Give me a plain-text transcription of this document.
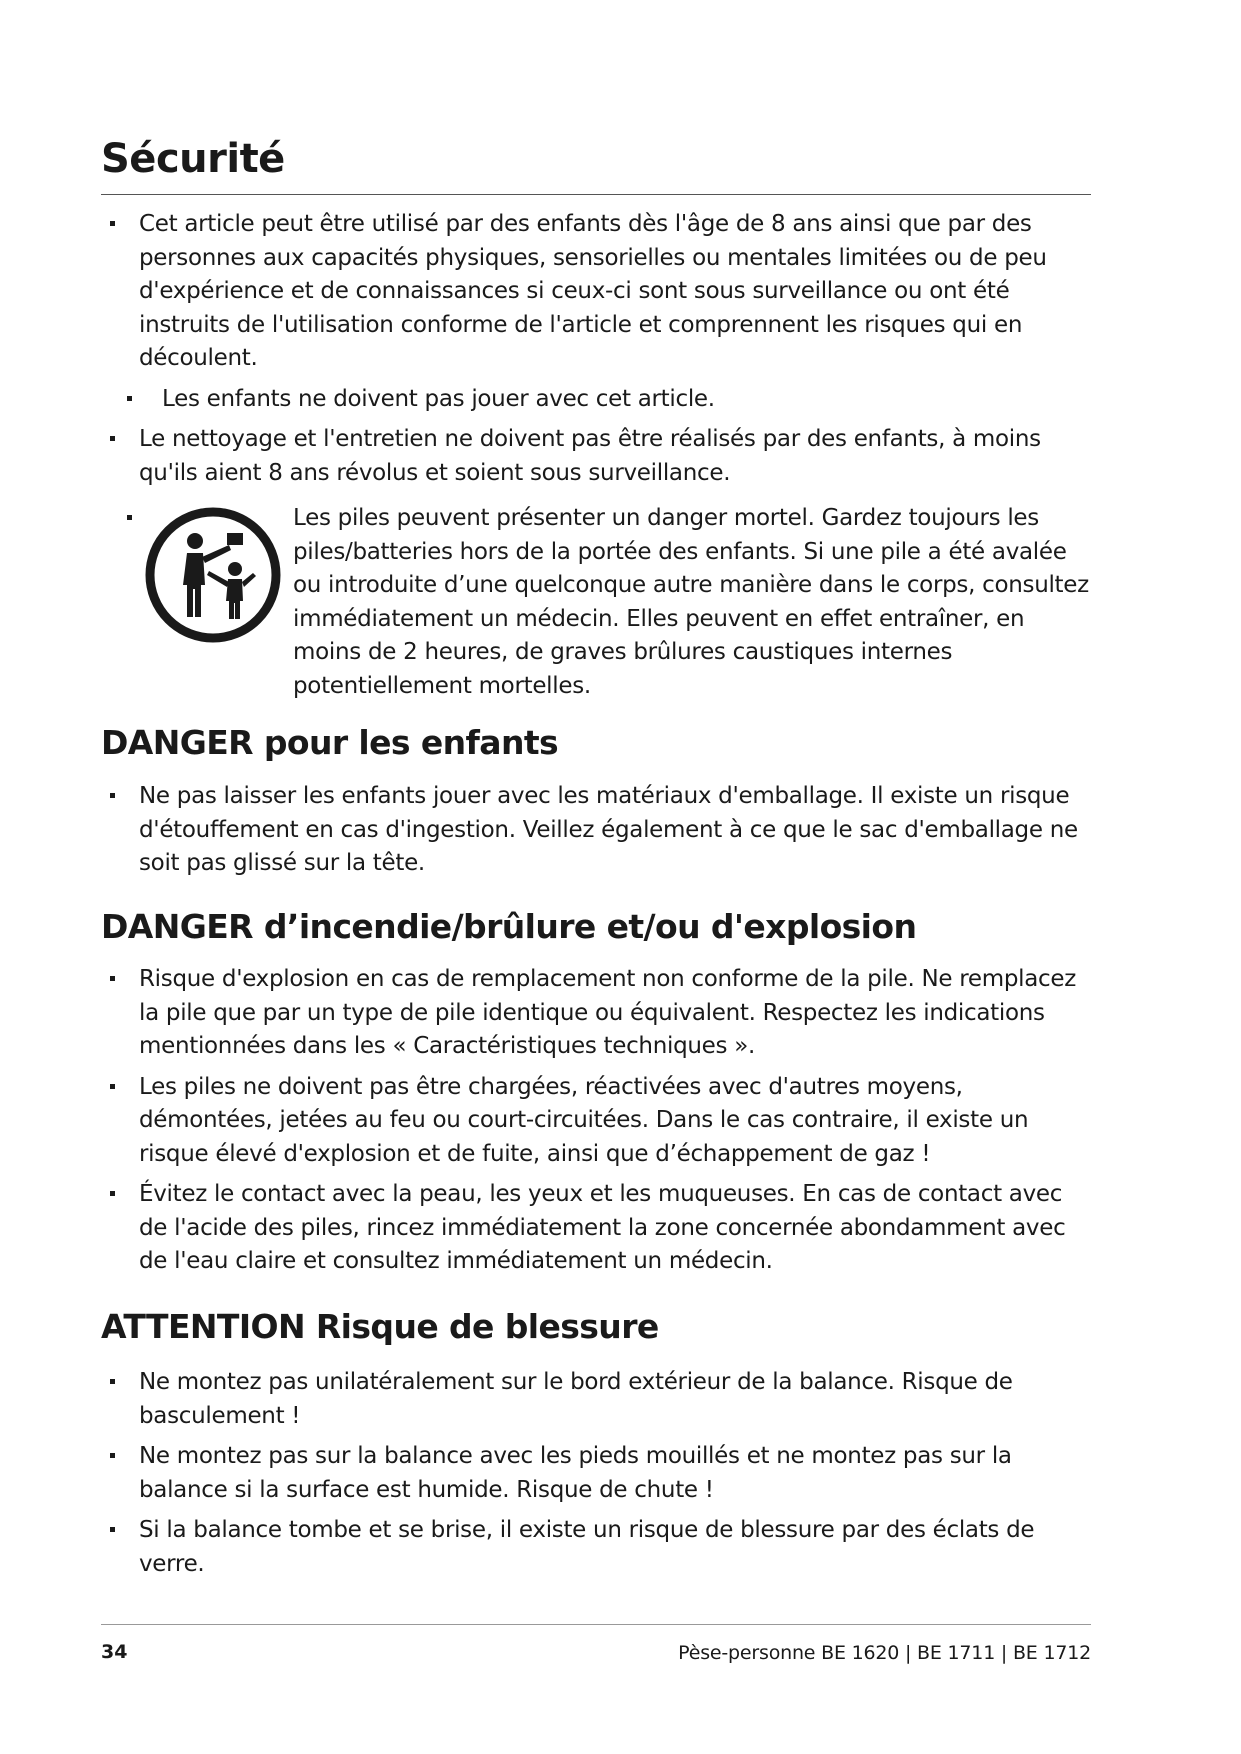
Sécurité
Cet article peut être utilisé par des enfants dès l'âge de 8 ans ainsi que par des personnes aux capacités physiques, sensorielles ou mentales limitées ou de peu d'expérience et de connaissances si ceux-ci sont sous surveillance ou ont été instruits de l'utilisation conforme de l'article et comprennent les risques qui en découlent.
Les enfants ne doivent pas jouer avec cet article.
Le nettoyage et l'entretien ne doivent pas être réalisés par des enfants, à moins qu'ils aient 8 ans révolus et soient sous surveillance.
Les piles peuvent présenter un danger mortel. Gardez toujours les piles/batteries hors de la portée des enfants. Si une pile a été avalée ou introduite d’une quelconque autre manière dans le corps, consultez immédiatement un médecin. Elles peuvent en effet entraîner, en moins de 2 heures, de graves brûlures caustiques internes potentiellement mortelles.
DANGER pour les enfants
Ne pas laisser les enfants jouer avec les matériaux d'emballage. Il existe un risque d'étouffement en cas d'ingestion. Veillez également à ce que le sac d'emballage ne soit pas glissé sur la tête.
DANGER d’incendie/brûlure et/ou d'explosion
Risque d'explosion en cas de remplacement non conforme de la pile. Ne remplacez la pile que par un type de pile identique ou équivalent. Respectez les indications mentionnées dans les « Caractéristiques techniques ».
Les piles ne doivent pas être chargées, réactivées avec d'autres moyens, démontées, jetées au feu ou court-circuitées. Dans le cas contraire, il existe un risque élevé d'explosion et de fuite, ainsi que d’échappement de gaz !
Évitez le contact avec la peau, les yeux et les muqueuses. En cas de contact avec de l'acide des piles, rincez immédiatement la zone concernée abondamment avec de l'eau claire et consultez immédiatement un médecin.
ATTENTION Risque de blessure
Ne montez pas unilatéralement sur le bord extérieur de la balance. Risque de basculement !
Ne montez pas sur la balance avec les pieds mouillés et ne montez pas sur la balance si la surface est humide. Risque de chute !
Si la balance tombe et se brise, il existe un risque de blessure par des éclats de verre.
34	Pèse-personne BE 1620 | BE 1711 | BE 1712
